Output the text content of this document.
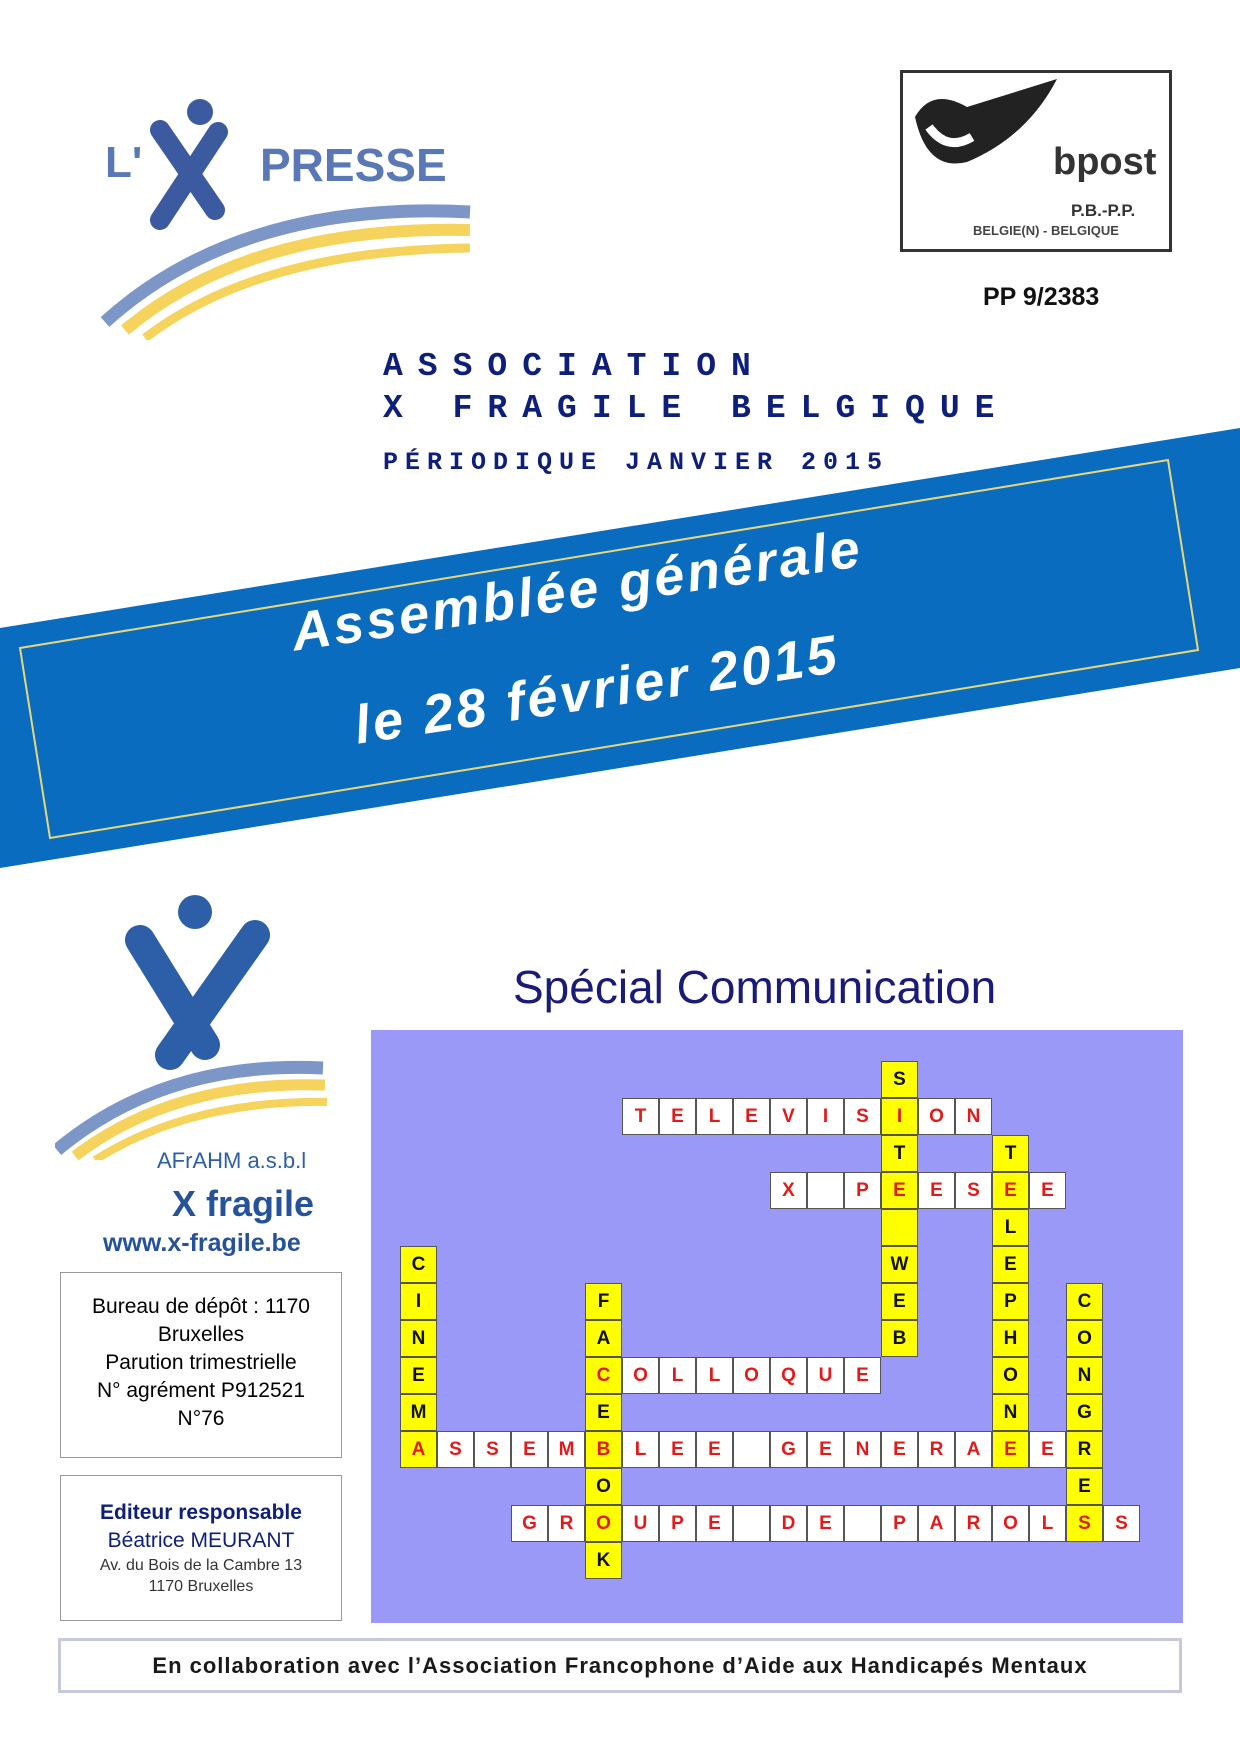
L'	PRESSE	bpost
P.B.-P.P.
BELGIE(N) - BELGIQUE
PP 9/2383
ASSOCIATION
X FRAGILE BELGIQUE
PÉRIODIQUE JANVIER 2015
Assemblée générale
le 28 février 2015
AFrAHM a.s.b.l
X fragile
www.x-fragile.be
Bureau de dépôt : 1170
Bruxelles
Parution trimestrielle
N° agrément P912521
N°76
Editeur responsable
Béatrice MEURANT
Av. du Bois de la Cambre 13
1170 Bruxelles
Spécial Communication
T	E	L	E	V	I	S	I	O	N
X	P	E	E	S	E	E
C	O	L	L	O	Q	U	E
A	S	S	E	M	B	L	E	E	G	E	N	E	R	A	E	E
G	R	O	U	P	E	D	E	P	A	R	O	L	S	S
S
T
W
E
B
T
L
E
P
H
O
N
C
I
N
E
M
F
A
E
O
K
C
O
N
G
R
E
En collaboration avec l’Association Francophone d’Aide aux Handicapés Mentaux
